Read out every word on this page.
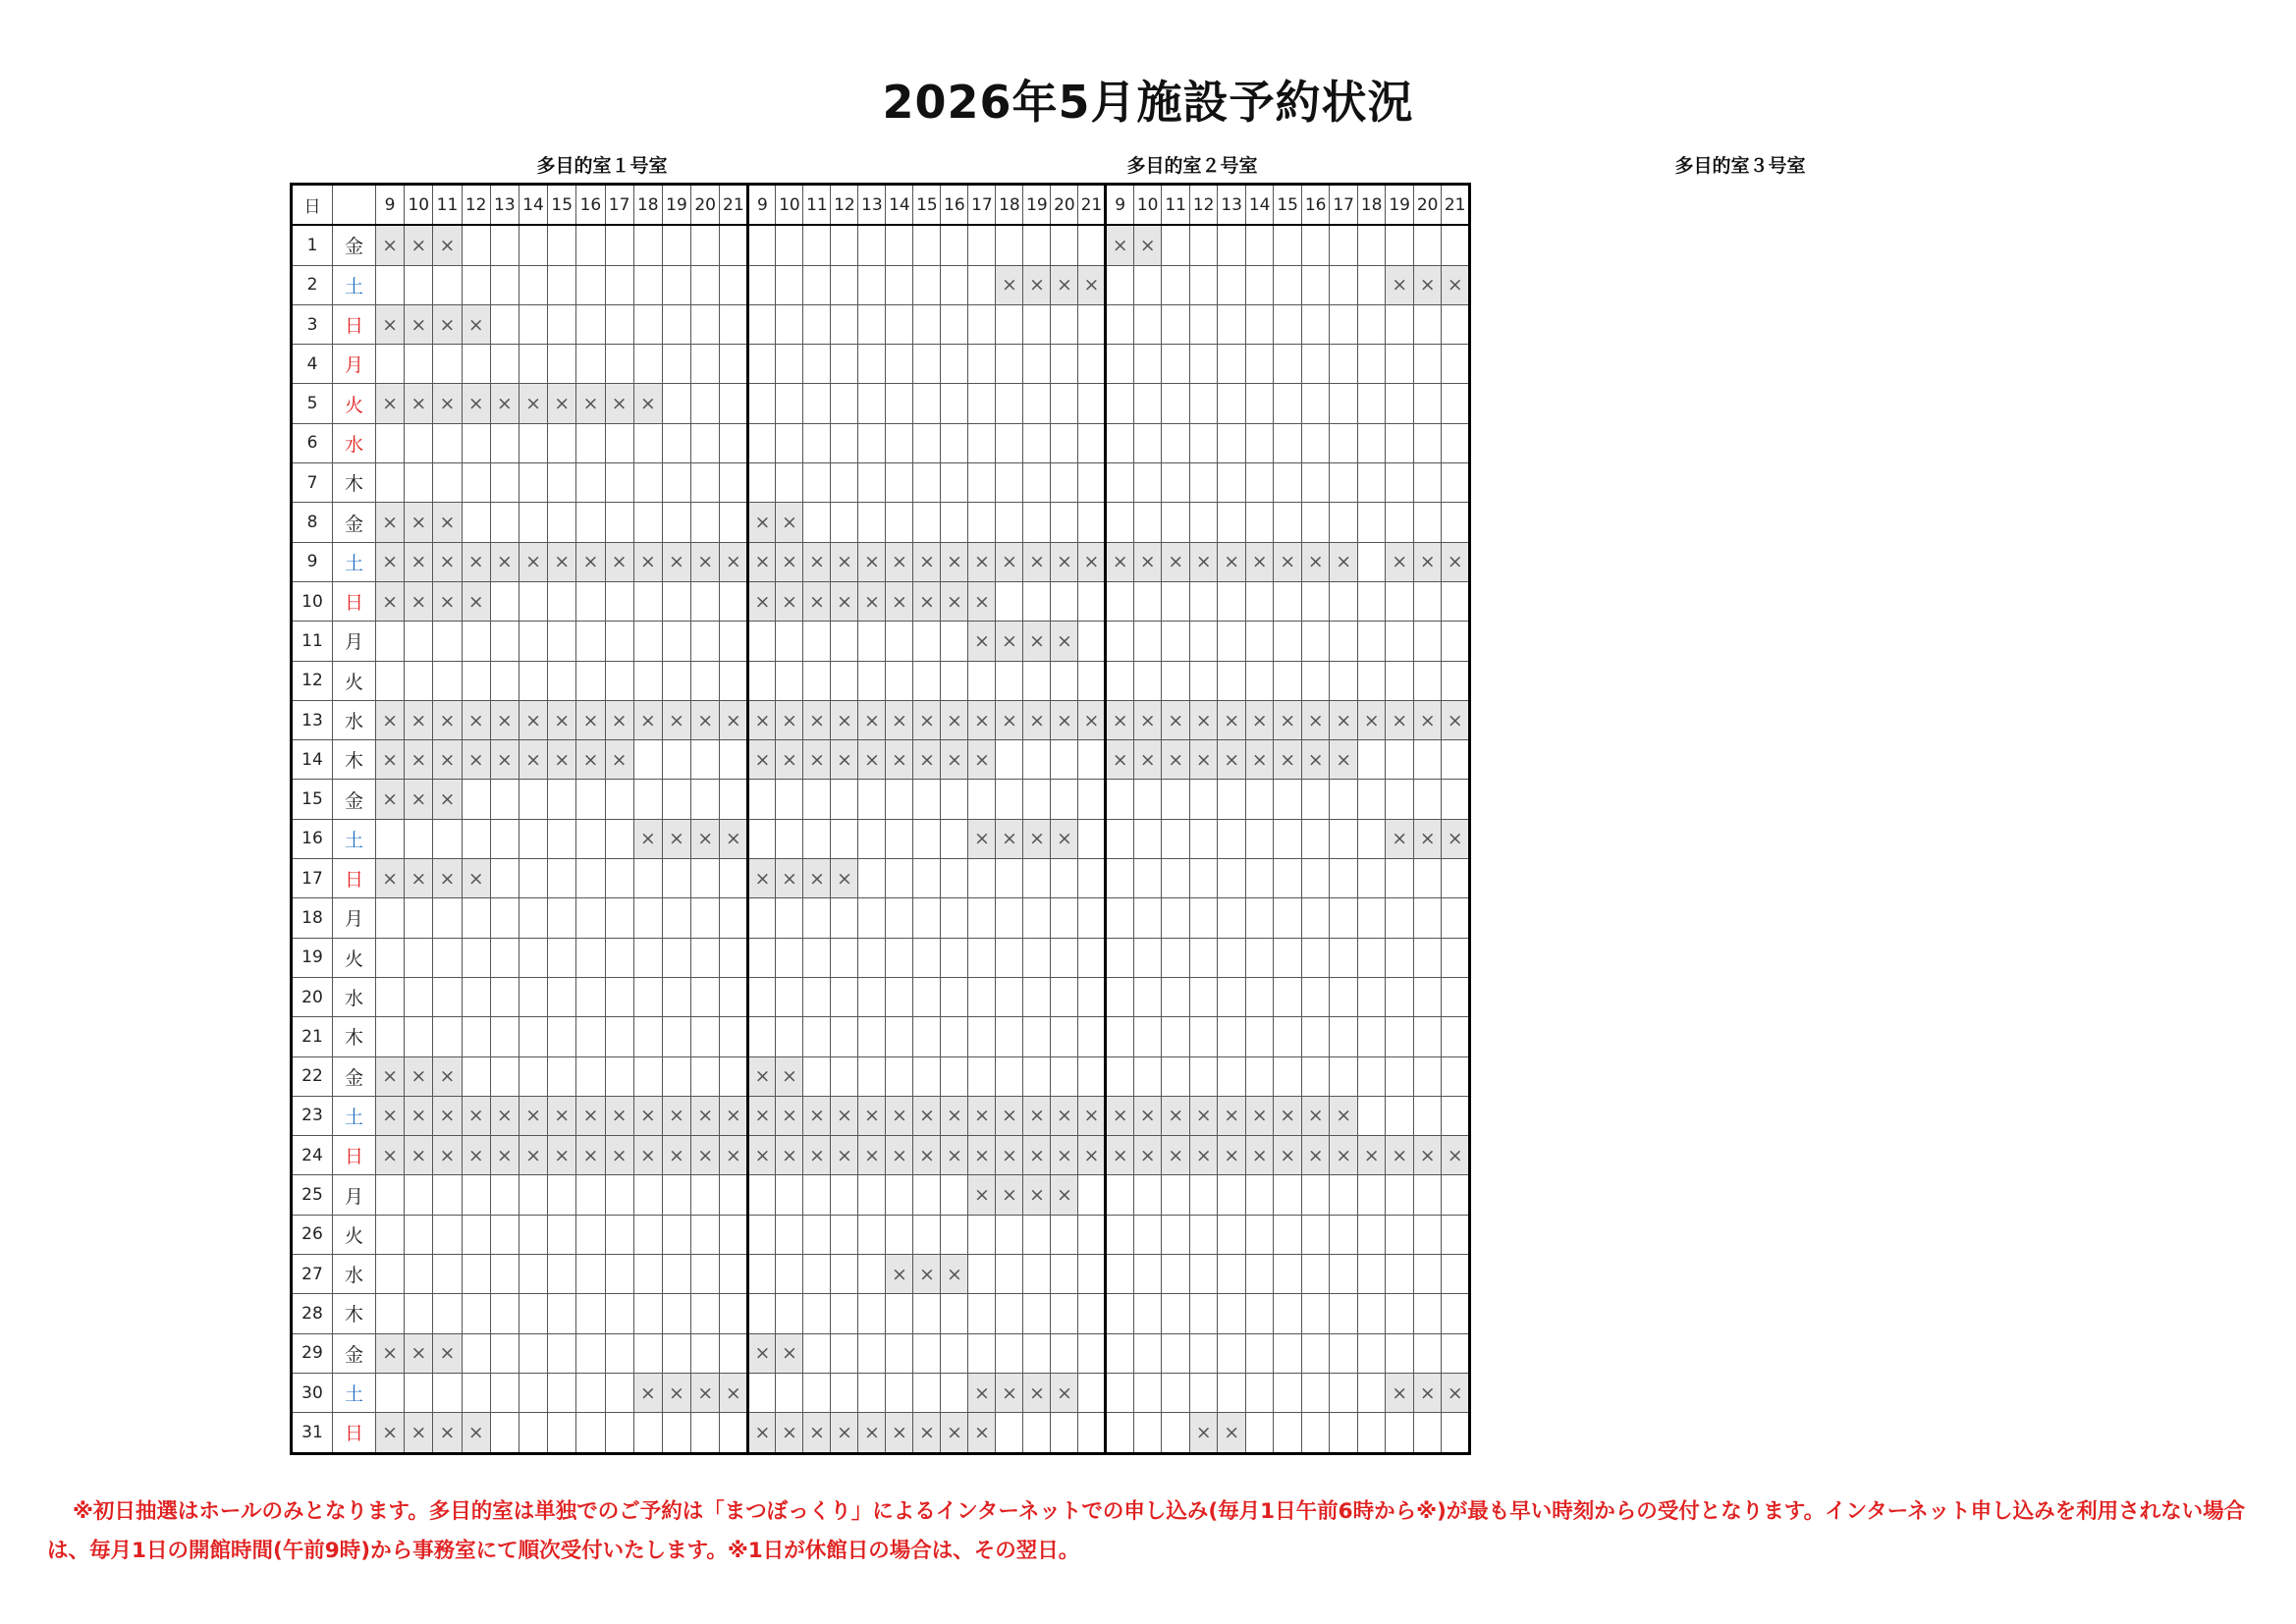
2026年5月施設予約状況
多目的室１号室	多目的室２号室	多目的室３号室
日		9	10	11	12	13	14	15	16	17	18	19	20	21	9	10	11	12	13	14	15	16	17	18	19	20	21	9	10	11	12	13	14	15	16	17	18	19	20	21
1	金	×	×	×																								×	×											
2	土																							×	×	×	×											×	×	×
3	日	×	×	×	×																																			
4	月																																							
5	火	×	×	×	×	×	×	×	×	×	×																													
6	水																																							
7	木																																							
8	金	×	×	×											×	×																								
9	土	×	×	×	×	×	×	×	×	×	×	×	×	×	×	×	×	×	×	×	×	×	×	×	×	×	×	×	×	×	×	×	×	×	×	×		×	×	×
10	日	×	×	×	×										×	×	×	×	×	×	×	×	×																	
11	月																						×	×	×	×														
12	火																																							
13	水	×	×	×	×	×	×	×	×	×	×	×	×	×	×	×	×	×	×	×	×	×	×	×	×	×	×	×	×	×	×	×	×	×	×	×	×	×	×	×
14	木	×	×	×	×	×	×	×	×	×					×	×	×	×	×	×	×	×	×					×	×	×	×	×	×	×	×	×				
15	金	×	×	×																																				
16	土										×	×	×	×									×	×	×	×												×	×	×
17	日	×	×	×	×										×	×	×	×																						
18	月																																							
19	火																																							
20	水																																							
21	木																																							
22	金	×	×	×											×	×																								
23	土	×	×	×	×	×	×	×	×	×	×	×	×	×	×	×	×	×	×	×	×	×	×	×	×	×	×	×	×	×	×	×	×	×	×	×				
24	日	×	×	×	×	×	×	×	×	×	×	×	×	×	×	×	×	×	×	×	×	×	×	×	×	×	×	×	×	×	×	×	×	×	×	×	×	×	×	×
25	月																						×	×	×	×														
26	火																																							
27	水																			×	×	×																		
28	木																																							
29	金	×	×	×											×	×																								
30	土										×	×	×	×									×	×	×	×												×	×	×
31	日	×	×	×	×										×	×	×	×	×	×	×	×	×								×	×								
※初日抽選はホールのみとなります。多目的室は単独でのご予約は「まつぼっくり」によるインターネットでの申し込み(毎月1日午前6時から※)が最も早い時刻からの受付となります。インターネット申し込みを利用されない場合は、毎月1日の開館時間(午前9時)から事務室にて順次受付いたします。※1日が休館日の場合は、その翌日。
